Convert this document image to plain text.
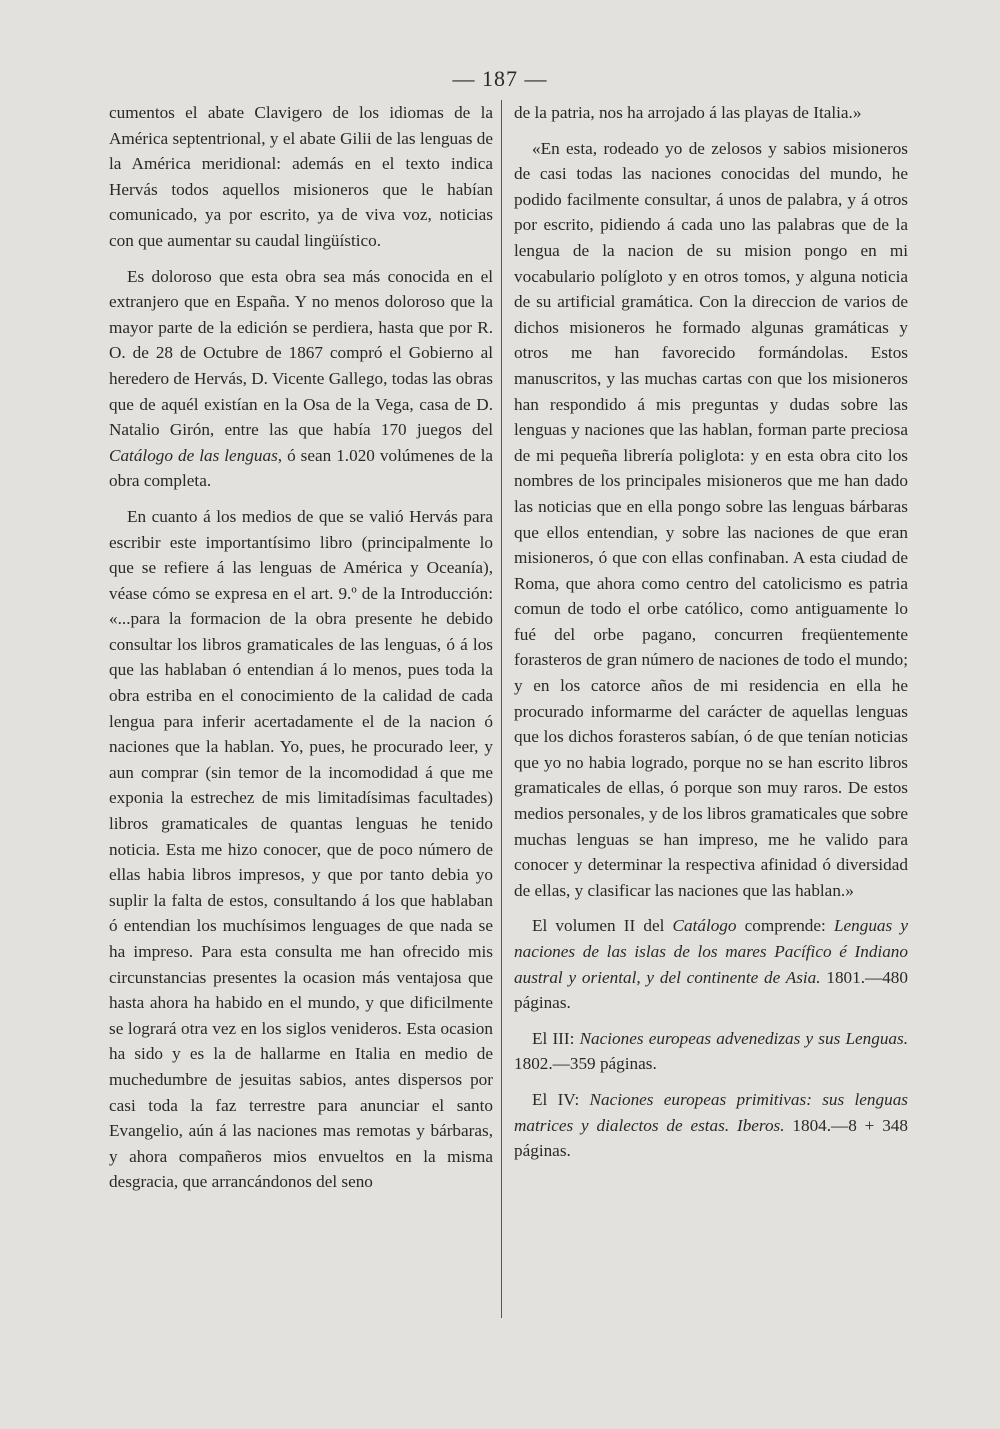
— 187 —

cumentos el abate Clavigero de los idiomas de la América septentrional, y el abate Gilii de las lenguas de la América meridional: además en el texto indica Hervás todos aquellos misioneros que le habían comunicado, ya por escrito, ya de viva voz, noticias con que aumentar su caudal lingüístico.

Es doloroso que esta obra sea más conocida en el extranjero que en España. Y no menos doloroso que la mayor parte de la edición se perdiera, hasta que por R. O. de 28 de Octubre de 1867 compró el Gobierno al heredero de Hervás, D. Vicente Gallego, todas las obras que de aquél existían en la Osa de la Vega, casa de D. Natalio Girón, entre las que había 170 juegos del Catálogo de las lenguas, ó sean 1.020 volúmenes de la obra completa.

En cuanto á los medios de que se valió Hervás para escribir este importantísimo libro (principalmente lo que se refiere á las lenguas de América y Oceanía), véase cómo se expresa en el art. 9.º de la Introducción: «...para la formacion de la obra presente he debido consultar los libros gramaticales de las lenguas, ó á los que las hablaban ó entendian á lo menos, pues toda la obra estriba en el conocimiento de la calidad de cada lengua para inferir acertadamente el de la nacion ó naciones que la hablan. Yo, pues, he procurado leer, y aun comprar (sin temor de la incomodidad á que me exponia la estrechez de mis limitadísimas facultades) libros gramaticales de quantas lenguas he tenido noticia. Esta me hizo conocer, que de poco número de ellas habia libros impresos, y que por tanto debia yo suplir la falta de estos, consultando á los que hablaban ó entendian los muchísimos lenguages de que nada se ha impreso. Para esta consulta me han ofrecido mis circunstancias presentes la ocasion más ventajosa que hasta ahora ha habido en el mundo, y que dificilmente se logrará otra vez en los siglos venideros. Esta ocasion ha sido y es la de hallarme en Italia en medio de muchedumbre de jesuitas sabios, antes dispersos por casi toda la faz terrestre para anunciar el santo Evangelio, aún á las naciones mas remotas y bárbaras, y ahora compañeros mios envueltos en la misma desgracia, que arrancándonos del seno

de la patria, nos ha arrojado á las playas de Italia.»

«En esta, rodeado yo de zelosos y sabios misioneros de casi todas las naciones conocidas del mundo, he podido facilmente consultar, á unos de palabra, y á otros por escrito, pidiendo á cada uno las palabras que de la lengua de la nacion de su mision pongo en mi vocabulario polígloto y en otros tomos, y alguna noticia de su artificial gramática. Con la direccion de varios de dichos misioneros he formado algunas gramáticas y otros me han favorecido formándolas. Estos manuscritos, y las muchas cartas con que los misioneros han respondido á mis preguntas y dudas sobre las lenguas y naciones que las hablan, forman parte preciosa de mi pequeña librería poliglota: y en esta obra cito los nombres de los principales misioneros que me han dado las noticias que en ella pongo sobre las lenguas bárbaras que ellos entendian, y sobre las naciones de que eran misioneros, ó que con ellas confinaban. A esta ciudad de Roma, que ahora como centro del catolicismo es patria comun de todo el orbe católico, como antiguamente lo fué del orbe pagano, concurren freqüentemente forasteros de gran número de naciones de todo el mundo; y en los catorce años de mi residencia en ella he procurado informarme del carácter de aquellas lenguas que los dichos forasteros sabían, ó de que tenían noticias que yo no habia logrado, porque no se han escrito libros gramaticales de ellas, ó porque son muy raros. De estos medios personales, y de los libros gramaticales que sobre muchas lenguas se han impreso, me he valido para conocer y determinar la respectiva afinidad ó diversidad de ellas, y clasificar las naciones que las hablan.»

El volumen II del Catálogo comprende: Lenguas y naciones de las islas de los mares Pacífico é Indiano austral y oriental, y del continente de Asia. 1801.—480 páginas.

El III: Naciones europeas advenedizas y sus Lenguas. 1802.—359 páginas.

El IV: Naciones europeas primitivas: sus lenguas matrices y dialectos de estas. Iberos. 1804.—8 + 348 páginas.
